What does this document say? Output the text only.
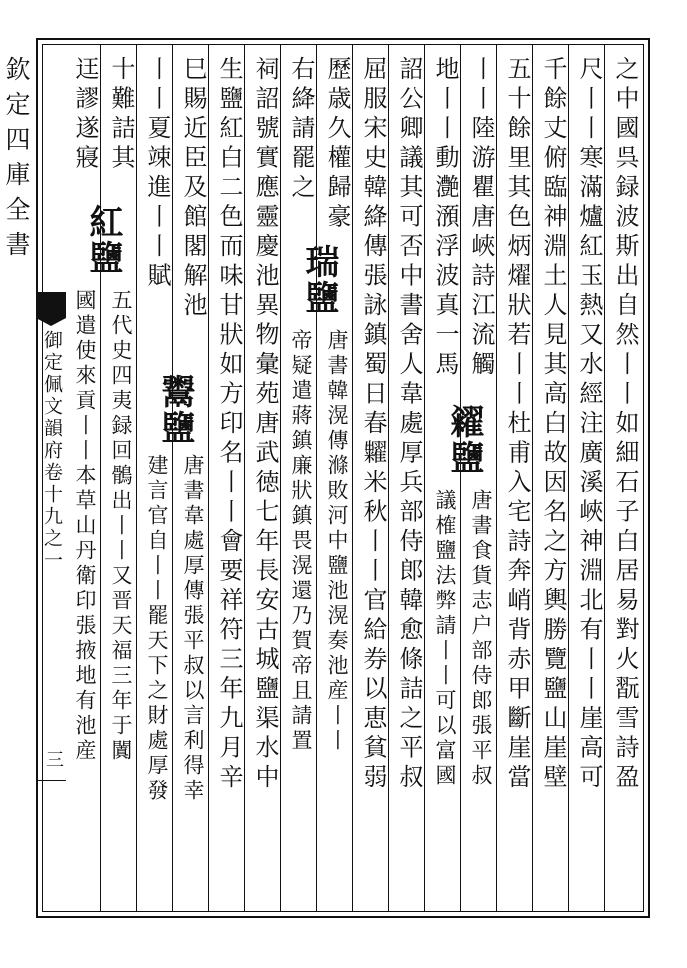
欽定四庫全書
御定佩文韻府卷十九之一
三	之中國呉録波斯出自然丨丨如細石子白居易對火翫雪詩盈
尺丨丨寒滿爐紅玉熱又水經注廣溪峽神淵北有丨丨崖高可
千餘丈俯臨神淵土人見其高白故因名之方輿勝覽鹽山崖壁
五十餘里其色炳燿狀若丨丨杜甫入宅詩奔峭背赤甲斷崖當
丨丨陸游瞿唐峽詩江流觸
地丨丨動灔澦浮波真一馬
糴鹽
唐書食貨志户部侍郎張平叔
議榷鹽法弊請丨丨可以富國
詔公卿議其可否中書舍人韋處厚兵部侍郎韓愈條詰之平叔
屈服宋史韓絳傳張詠鎮蜀日春糶米秋丨丨官給券以恵貧弱
歷歳久權歸豪
右絳請罷之
瑞鹽
唐書韓滉傳滌敗河中鹽池滉奏池産丨丨
帝疑遣蔣鎮廉狀鎮畏滉還乃賀帝且請置
祠詔號實應靈慶池異物彙苑唐武徳七年長安古城鹽渠水中
生鹽紅白二色而味甘狀如方印名丨丨會要祥符三年九月辛
巳賜近臣及館閣解池
丨丨夏竦進丨丨賦
鬻鹽
唐書韋處厚傳張平叔以言利得幸
建言官自丨丨罷天下之財處厚發
十難詰其
迋謬遂寢
紅鹽
五代史四夷録回鶻出丨丨又晋天福三年于闐
國遣使來貢丨丨本草山丹衛印張掖地有池産
